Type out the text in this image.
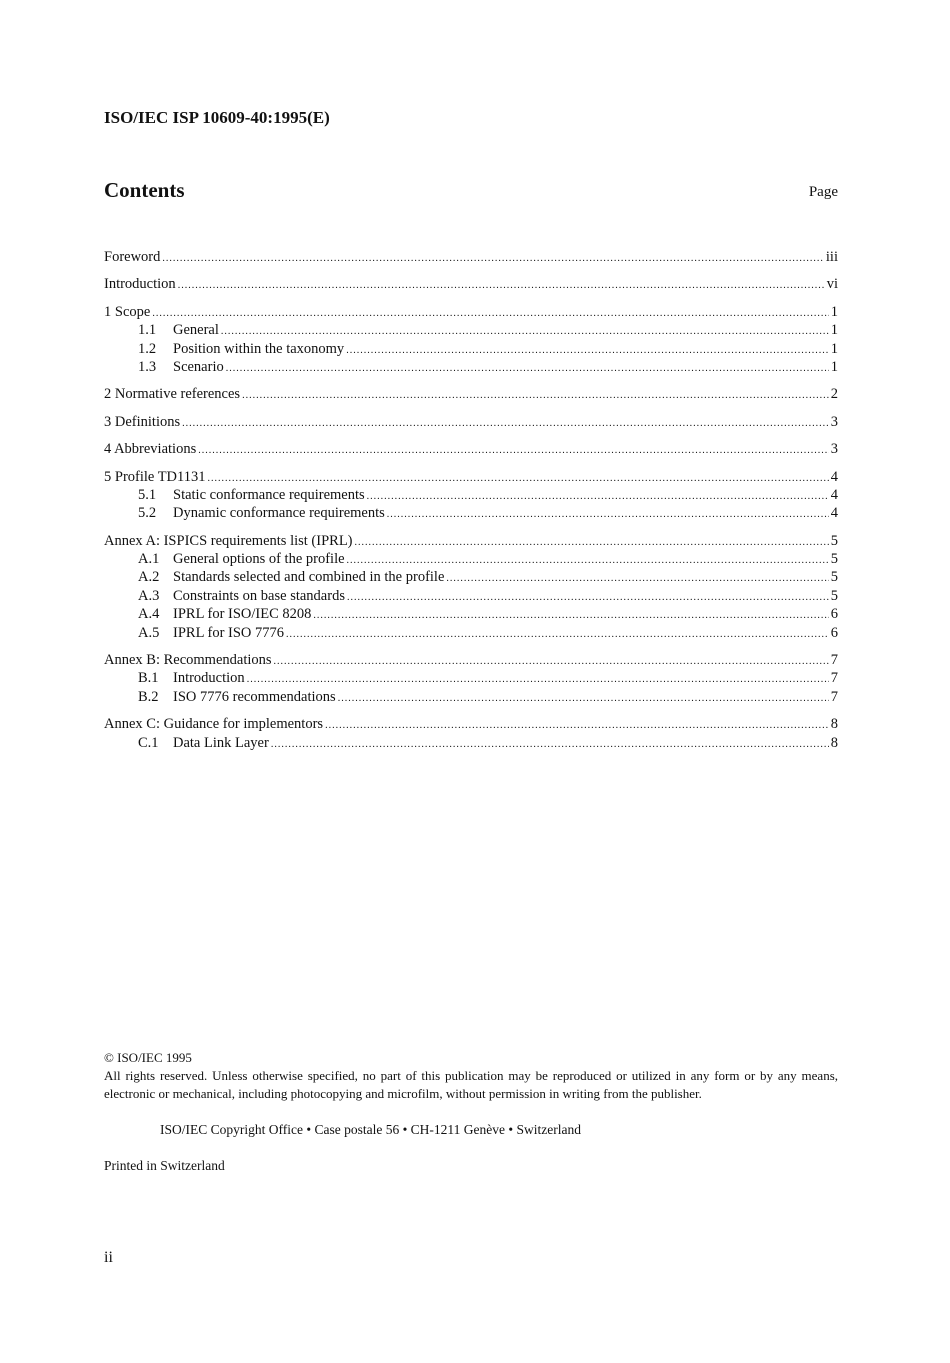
ISO/IEC ISP 10609-40:1995(E)
Contents	Page
Foreword .....	iii
Introduction .....	vi
1 Scope .....	1
1.1	General .....	1
1.2	Position within the taxonomy .....	1
1.3	Scenario .....	1
2 Normative references .....	2
3 Definitions .....	3
4 Abbreviations .....	3
5 Profile TD1131 .....	4
5.1	Static conformance requirements .....	4
5.2	Dynamic conformance requirements .....	4
Annex A: ISPICS requirements list (IPRL) .....	5
A.1 General options of the profile .....	5
A.2 Standards selected and combined in the profile .....	5
A.3 Constraints on base standards .....	5
A.4 IPRL for ISO/IEC 8208 .....	6
A.5 IPRL for ISO 7776 .....	6
Annex B: Recommendations .....	7
B.1 Introduction .....	7
B.2 ISO 7776 recommendations .....	7
Annex C: Guidance for implementors .....	8
C.1 Data Link Layer .....	8
© ISO/IEC 1995
All rights reserved. Unless otherwise specified, no part of this publication may be reproduced or utilized in any form or by any means, electronic or mechanical, including photocopying and microfilm, without permission in writing from the publisher.
ISO/IEC Copyright Office • Case postale 56 • CH-1211 Genève • Switzerland
Printed in Switzerland
ii
